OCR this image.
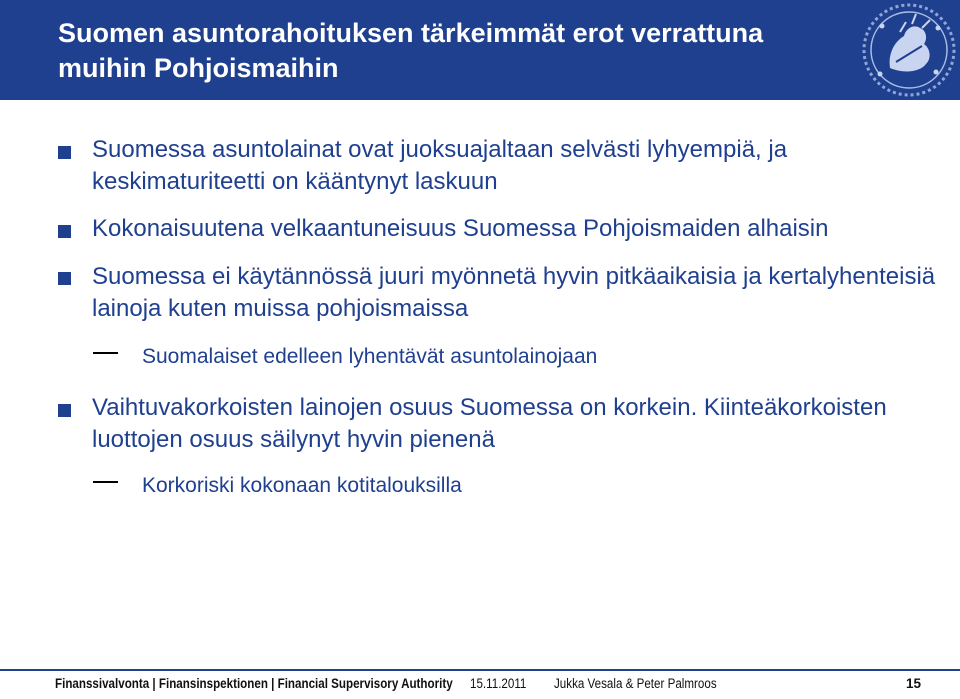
Suomen asuntorahoituksen tärkeimmät erot verrattuna muihin Pohjoismaihin
Suomessa asuntolainat ovat juoksuajaltaan selvästi lyhyempiä, ja keskimaturiteetti on kääntynyt laskuun
Kokonaisuutena velkaantuneisuus Suomessa Pohjoismaiden alhaisin
Suomessa ei käytännössä juuri myönnetä hyvin pitkäaikaisia ja kertalyhenteisiä lainoja kuten muissa pohjoismaissa
Suomalaiset edelleen lyhentävät asuntolainojaan
Vaihtuvakorkoisten lainojen osuus Suomessa on korkein. Kiinteäkorkoisten luottojen osuus säilynyt hyvin pienenä
Korkoriski kokonaan kotitalouksilla
Finanssivalvonta | Finansinspektionen | Financial Supervisory Authority 15.11.2011 Jukka Vesala & Peter Palmroos	15
